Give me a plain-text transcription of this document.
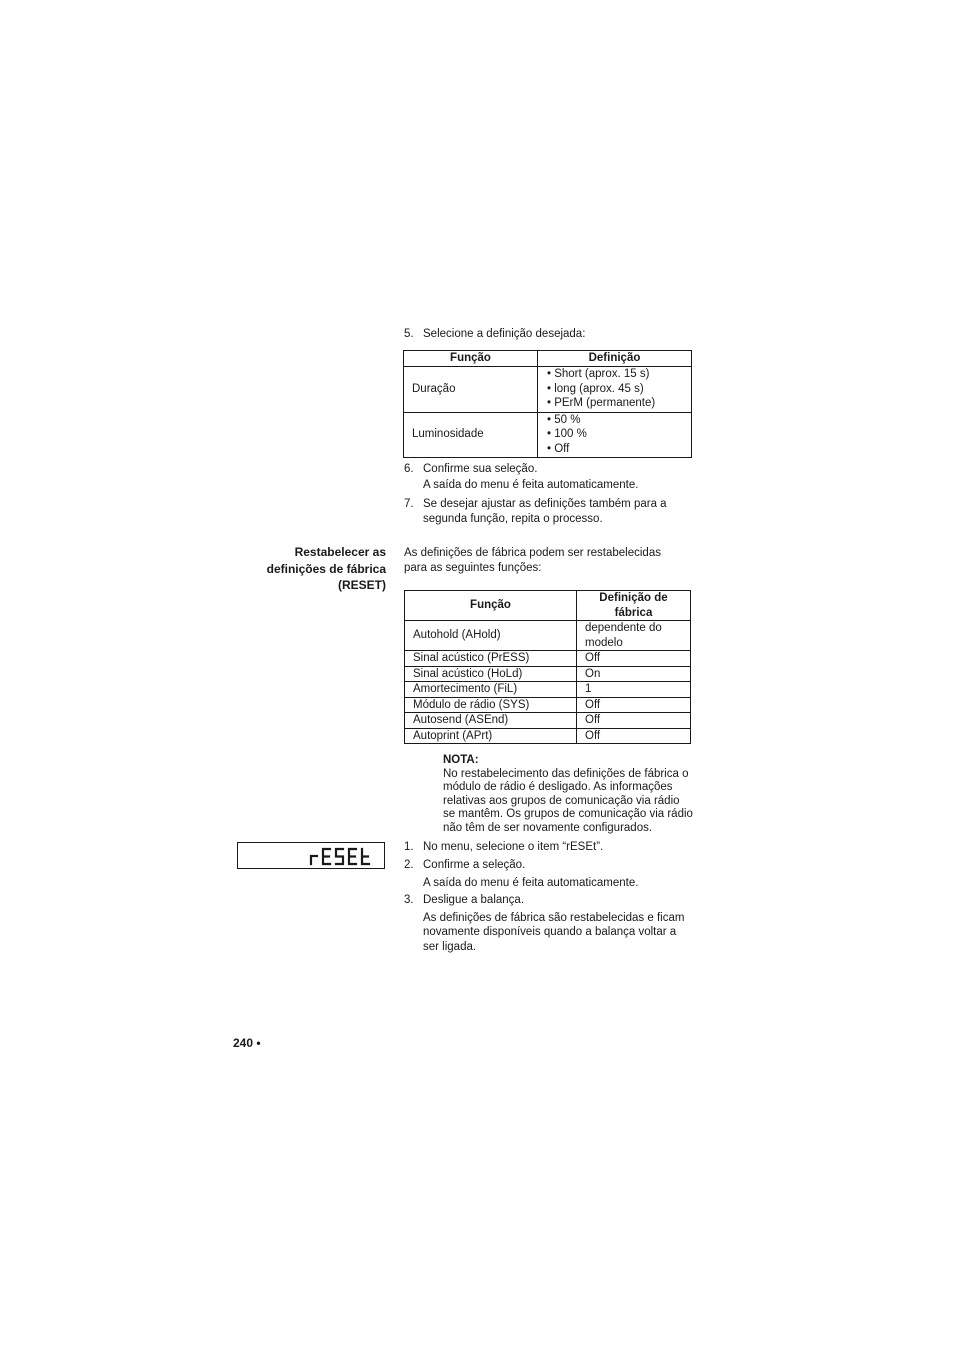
5. Selecione a definição desejada:
Função	Definição
Duração	• Short (aprox. 15 s)
• long (aprox. 45 s)
• PErM (permanente)

Luminosidade	• 50 %
• 100 %
• Off
6. Confirme sua seleção.
A saída do menu é feita automaticamente.
7. Se desejar ajustar as definições também para a segunda função, repita o processo.
Restabelecer as
definições de fábrica
(RESET)
As definições de fábrica podem ser restabelecidas para as seguintes funções:
Função	Definição de fábrica
Autohold (AHold)	dependente do modelo
Sinal acústico (PrESS)	Off
Sinal acústico (HoLd)	On
Amortecimento (FiL)	1
Módulo de rádio (SYS)	Off
Autosend (ASEnd)	Off
Autoprint (APrt)	Off
NOTA:
No restabelecimento das definições de fábrica o módulo de rádio é desligado. As informações relativas aos grupos de comunicação via rádio se mantêm. Os grupos de comunicação via rádio não têm de ser novamente configurados.
1. No menu, selecione o item “rESEt”.
2. Confirme a seleção.
A saída do menu é feita automaticamente.
3. Desligue a balança.
As definições de fábrica são restabelecidas e ficam novamente disponíveis quando a balança voltar a ser ligada.
240 •
